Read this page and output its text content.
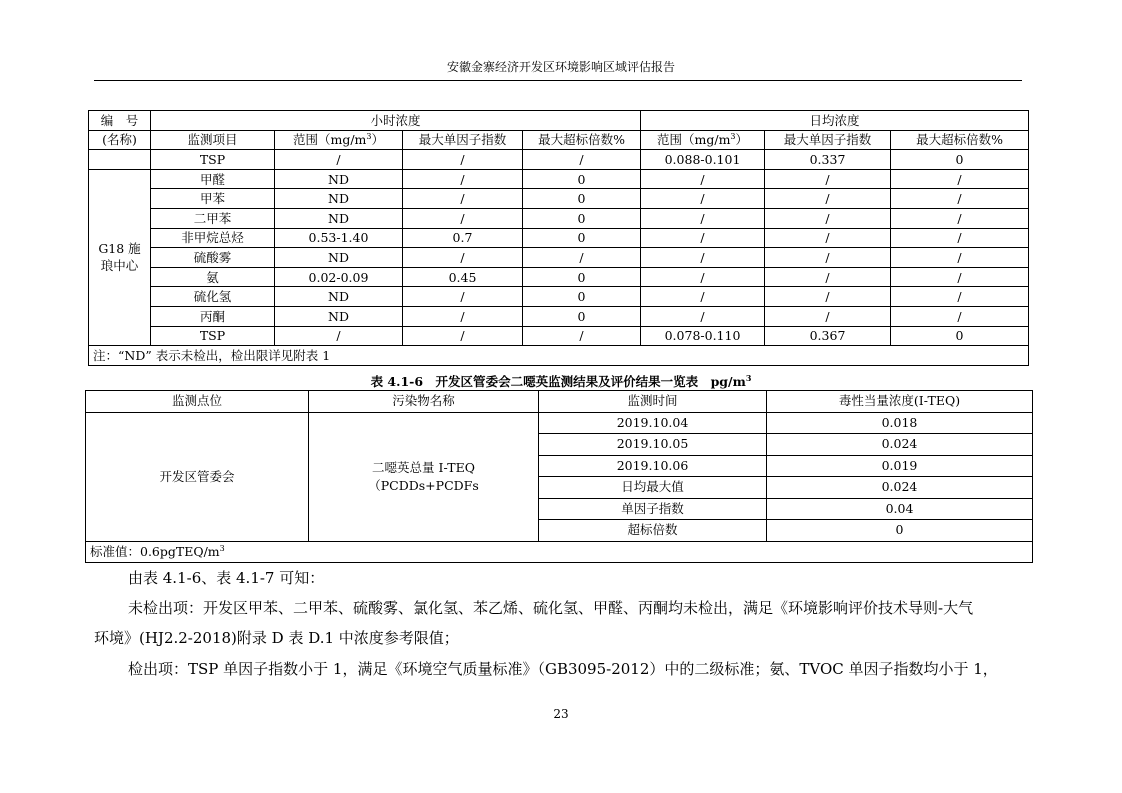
安徽金寨经济开发区环境影响区域评估报告
编　号	小时浓度				日均浓度		
(名称)	监测项目	范围$(mg/m^3)$	最大单因子指数	最大超标倍数%	范围$(mg/m^3)$	最大单因子指数	最大超标倍数%
	TSP	/	/	/	0.088-0.101	0.337	0

G18 施
琅中心	甲醛	ND	/	0	/	/	/
	甲苯	ND	/	0	/	/	/
	二甲苯	ND	/	0	/	/	/
	非甲烷总烃	0.53-1.40	0.7	0	/	/	/
	硫酸雾	ND	/	/	/	/	/
	氨	0.02-0.09	0.45	0	/	/	/
	硫化氢	ND	/	0	/	/	/
	丙酮	ND	/	0	/	/	/
	TSP	/	/	/	0.078-0.110	0.367	0
注：“ND” 表示未检出，检出限详见附表 1							
表 4.1-6　开发区管委会二噁英监测结果及评价结果一览表　$pg/m^3$
监测点位	污染物名称	监测时间	毒性当量浓度(I-TEQ)
开发区管委会	二噁英总量 I-TEQ
（PCDDs+PCDFs	2019.10.04	0.018
		2019.10.05	0.024
		2019.10.06	0.019
		日均最大值	0.024
		单因子指数	0.04
		超标倍数	0
标准值：$0.6pgTEQ/m^3$
由表 4.1-6、表 4.1-7 可知：
未检出项：开发区甲苯、二甲苯、硫酸雾、氯化氢、苯乙烯、硫化氢、甲醛、丙酮均未检出，满足《环境影响评价技术导则-大气
环境》(HJ2.2-2018)附录 D 表 D.1 中浓度参考限值；
检出项：TSP 单因子指数小于 1，满足《环境空气质量标准》（GB3095-2012）中的二级标准；氨、TVOC 单因子指数均小于 1，
23
